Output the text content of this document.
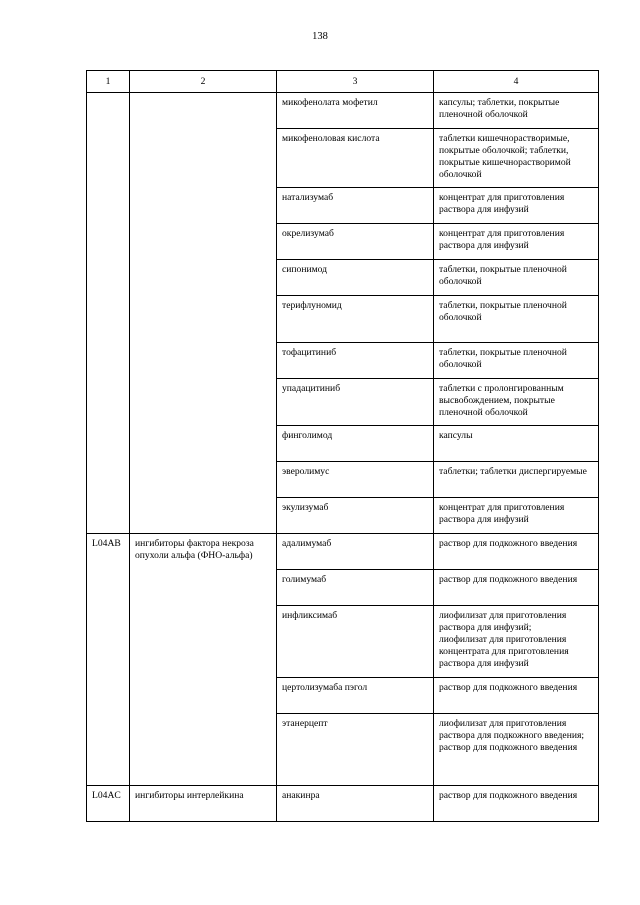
138
1	2	3	4

		микофенолата мофетил	капсулы; таблетки, покрытые пленочной оболочкой

		микофеноловая кислота	таблетки кишечнорастворимые, покрытые оболочкой; таблетки, покрытые кишечнорастворимой оболочкой

		натализумаб	концентрат для приготовления раствора для инфузий

		окрелизумаб	концентрат для приготовления раствора для инфузий

		сипонимод	таблетки, покрытые пленочной оболочкой

		терифлуномид	таблетки, покрытые пленочной оболочкой

		тофацитиниб	таблетки, покрытые пленочной оболочкой

		упадацитиниб	таблетки с пролонгированным высвобождением, покрытые пленочной оболочкой

		финголимод	капсулы

		эверолимус	таблетки; таблетки диспергируемые

		экулизумаб	концентрат для приготовления раствора для инфузий

L04AB	ингибиторы фактора некроза опухоли альфа (ФНО-альфа)	адалимумаб	раствор для подкожного введения

		голимумаб	раствор для подкожного введения

		инфликсимаб	лиофилизат для приготовления раствора для инфузий;
лиофилизат для приготовления концентрата для приготовления раствора для инфузий

		цертолизумаба пэгол	раствор для подкожного введения

		этанерцепт	лиофилизат для приготовления раствора для подкожного введения;
раствор для подкожного введения

L04AC	ингибиторы интерлейкина	анакинра	раствор для подкожного введения
